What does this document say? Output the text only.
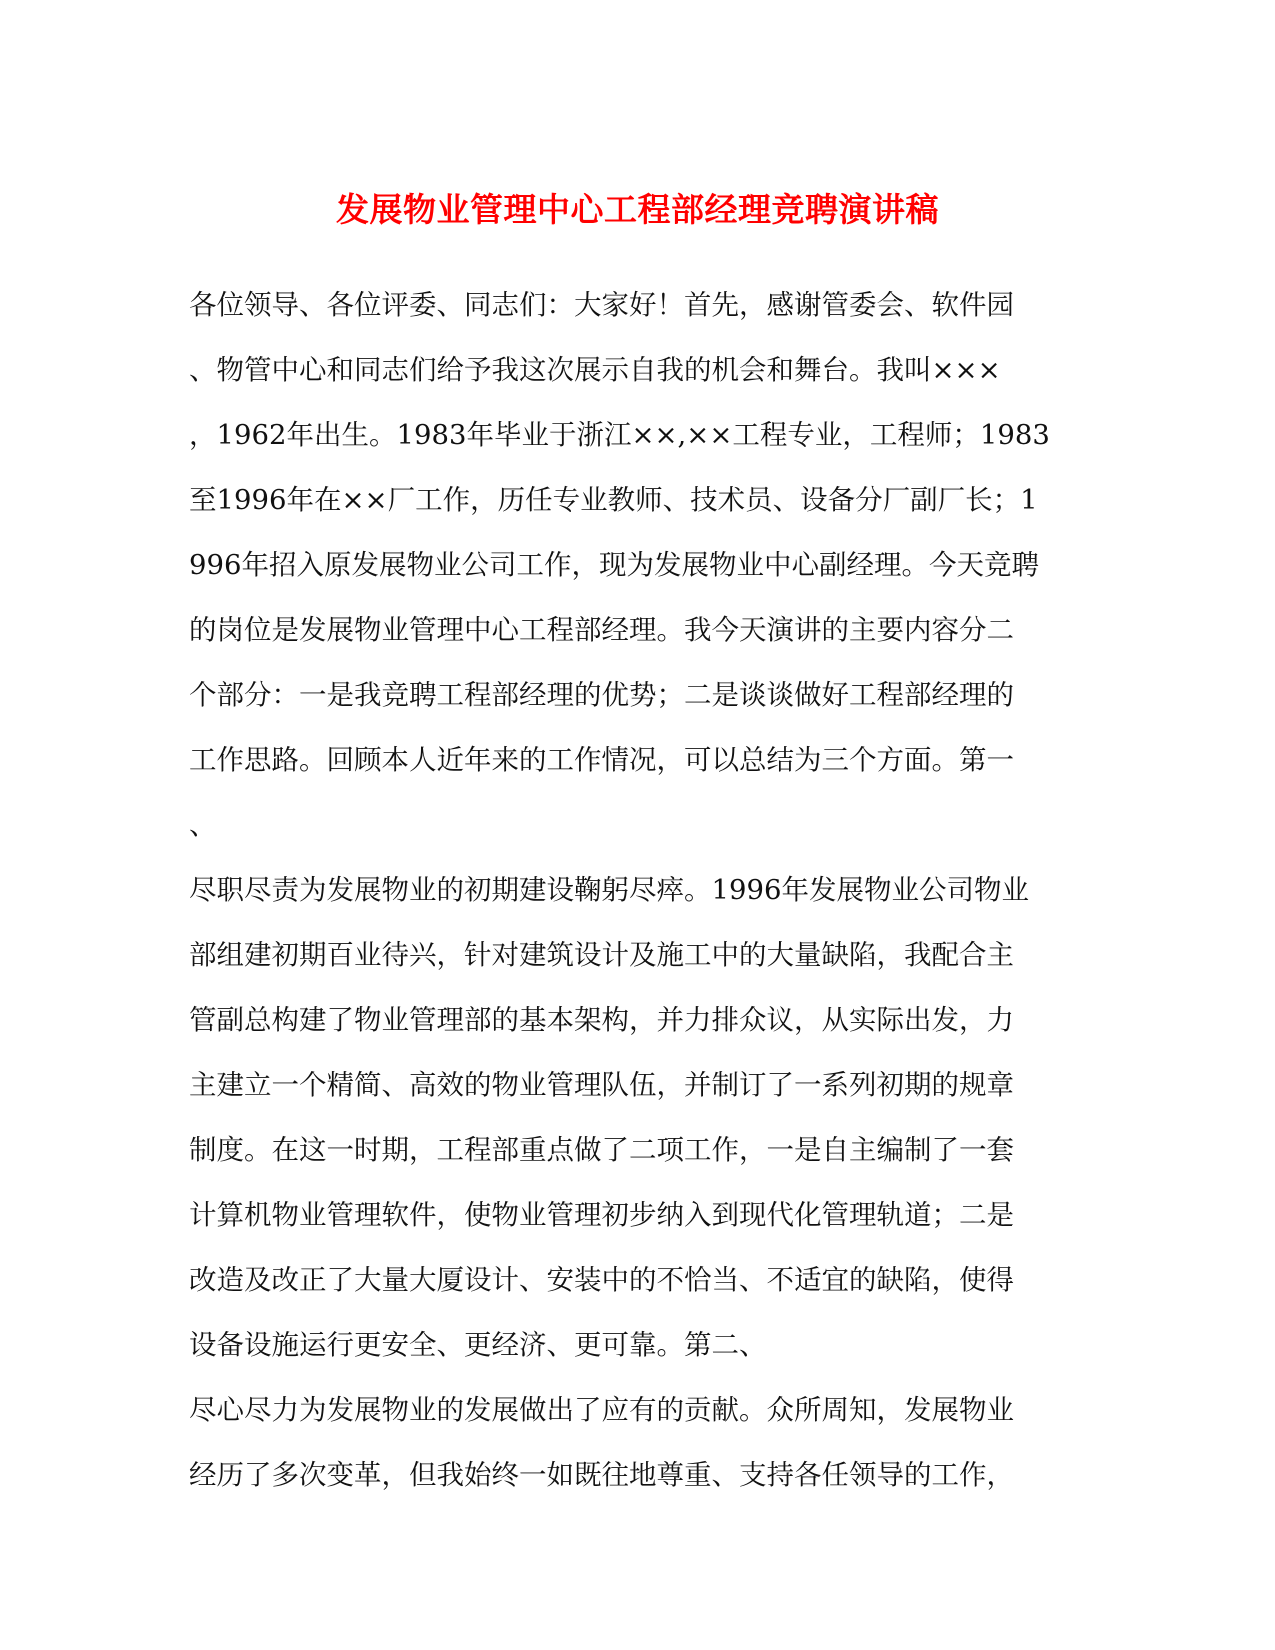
发展物业管理中心工程部经理竞聘演讲稿
各位领导、各位评委、同志们：大家好！首先，感谢管委会、软件园
、物管中心和同志们给予我这次展示自我的机会和舞台。我叫×××
，1962年出生。1983年毕业于浙江××,××工程专业，工程师；1983
至1996年在××厂工作，历任专业教师、技术员、设备分厂副厂长；1
996年招入原发展物业公司工作，现为发展物业中心副经理。今天竞聘
的岗位是发展物业管理中心工程部经理。我今天演讲的主要内容分二
个部分：一是我竞聘工程部经理的优势；二是谈谈做好工程部经理的
工作思路。回顾本人近年来的工作情况，可以总结为三个方面。第一
、
尽职尽责为发展物业的初期建设鞠躬尽瘁。1996年发展物业公司物业
部组建初期百业待兴，针对建筑设计及施工中的大量缺陷，我配合主
管副总构建了物业管理部的基本架构，并力排众议，从实际出发，力
主建立一个精简、高效的物业管理队伍，并制订了一系列初期的规章
制度。在这一时期，工程部重点做了二项工作，一是自主编制了一套
计算机物业管理软件，使物业管理初步纳入到现代化管理轨道；二是
改造及改正了大量大厦设计、安装中的不恰当、不适宜的缺陷，使得
设备设施运行更安全、更经济、更可靠。第二、
尽心尽力为发展物业的发展做出了应有的贡献。众所周知，发展物业
经历了多次变革，但我始终一如既往地尊重、支持各任领导的工作，
